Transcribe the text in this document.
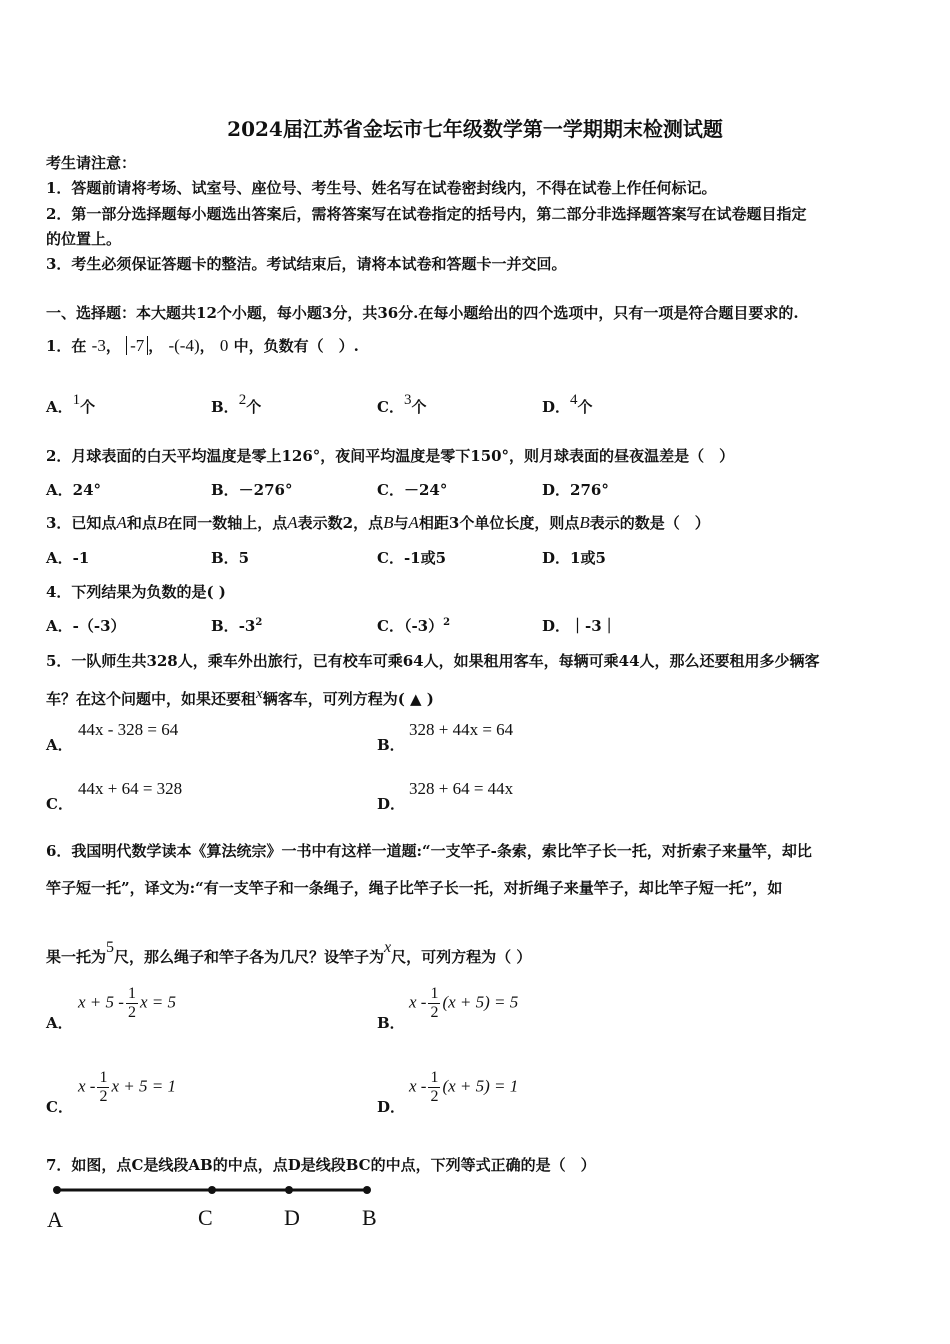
2024届江苏省金坛市七年级数学第一学期期末检测试题
考生请注意：
1．答题前请将考场、试室号、座位号、考生号、姓名写在试卷密封线内，不得在试卷上作任何标记。
2．第一部分选择题每小题选出答案后，需将答案写在试卷指定的括号内，第二部分非选择题答案写在试卷题目指定
的位置上。
3．考生必须保证答题卡的整洁。考试结束后，请将本试卷和答题卡一并交回。
一、选择题：本大题共12个小题，每小题3分，共36分.在每小题给出的四个选项中，只有一项是符合题目要求的.
1．在 -3， -7 ， -(-4)， 0 中，负数有（　）.
A．$^1$个	B．$^2$个	C．$^3$个	D．$^4$个
2．月球表面的白天平均温度是零上126°，夜间平均温度是零下150°，则月球表面的昼夜温差是（　）
A．24°	B．－276°	C．－24°	D．276°
3．已知点A和点B在同一数轴上，点A表示数2，点B与A相距3个单位长度，则点B表示的数是（　）
A．-1	B．5	C．-1或5	D．1或5
4．下列结果为负数的是( )
A．-（-3）	B．$-3^2$	C．$(-3)^2$	D．｜-3｜
5．一队师生共328人，乘车外出旅行，已有校车可乘64人，如果租用客车，每辆可乘44人，那么还要租用多少辆客
车？在这个问题中，如果还要租$^x$辆客车，可列方程为( ▲ )
A．
44x - 328 = 64
B．
328 + 44x = 64
C．
44x + 64 = 328
D．
328 + 64 = 44x
6．我国明代数学读本《算法统宗》一书中有这样一道题:“一支竿子-条索，索比竿子长一托，对折索子来量竿，却比
竿子短一托”，译文为:“有一支竿子和一条绳子，绳子比竿子长一托，对折绳子来量竿子，却比竿子短一托”，如
果一托为$^5$尺，那么绳子和竿子各为几尺？设竿子为$^x$尺，可列方程为（ ）
A．
$x + 5 - \frac{1}{2}$ x = 5
B．
$x - \frac{1}{2} (x + 5) = 5$
C．
x - $\frac{1}{2}$ x + 5 = 1
D．
$x - \frac{1}{2} (x + 5) = 1$
7．如图，点C是线段AB的中点，点D是线段BC的中点，下列等式正确的是（　）
A	C	D	B
